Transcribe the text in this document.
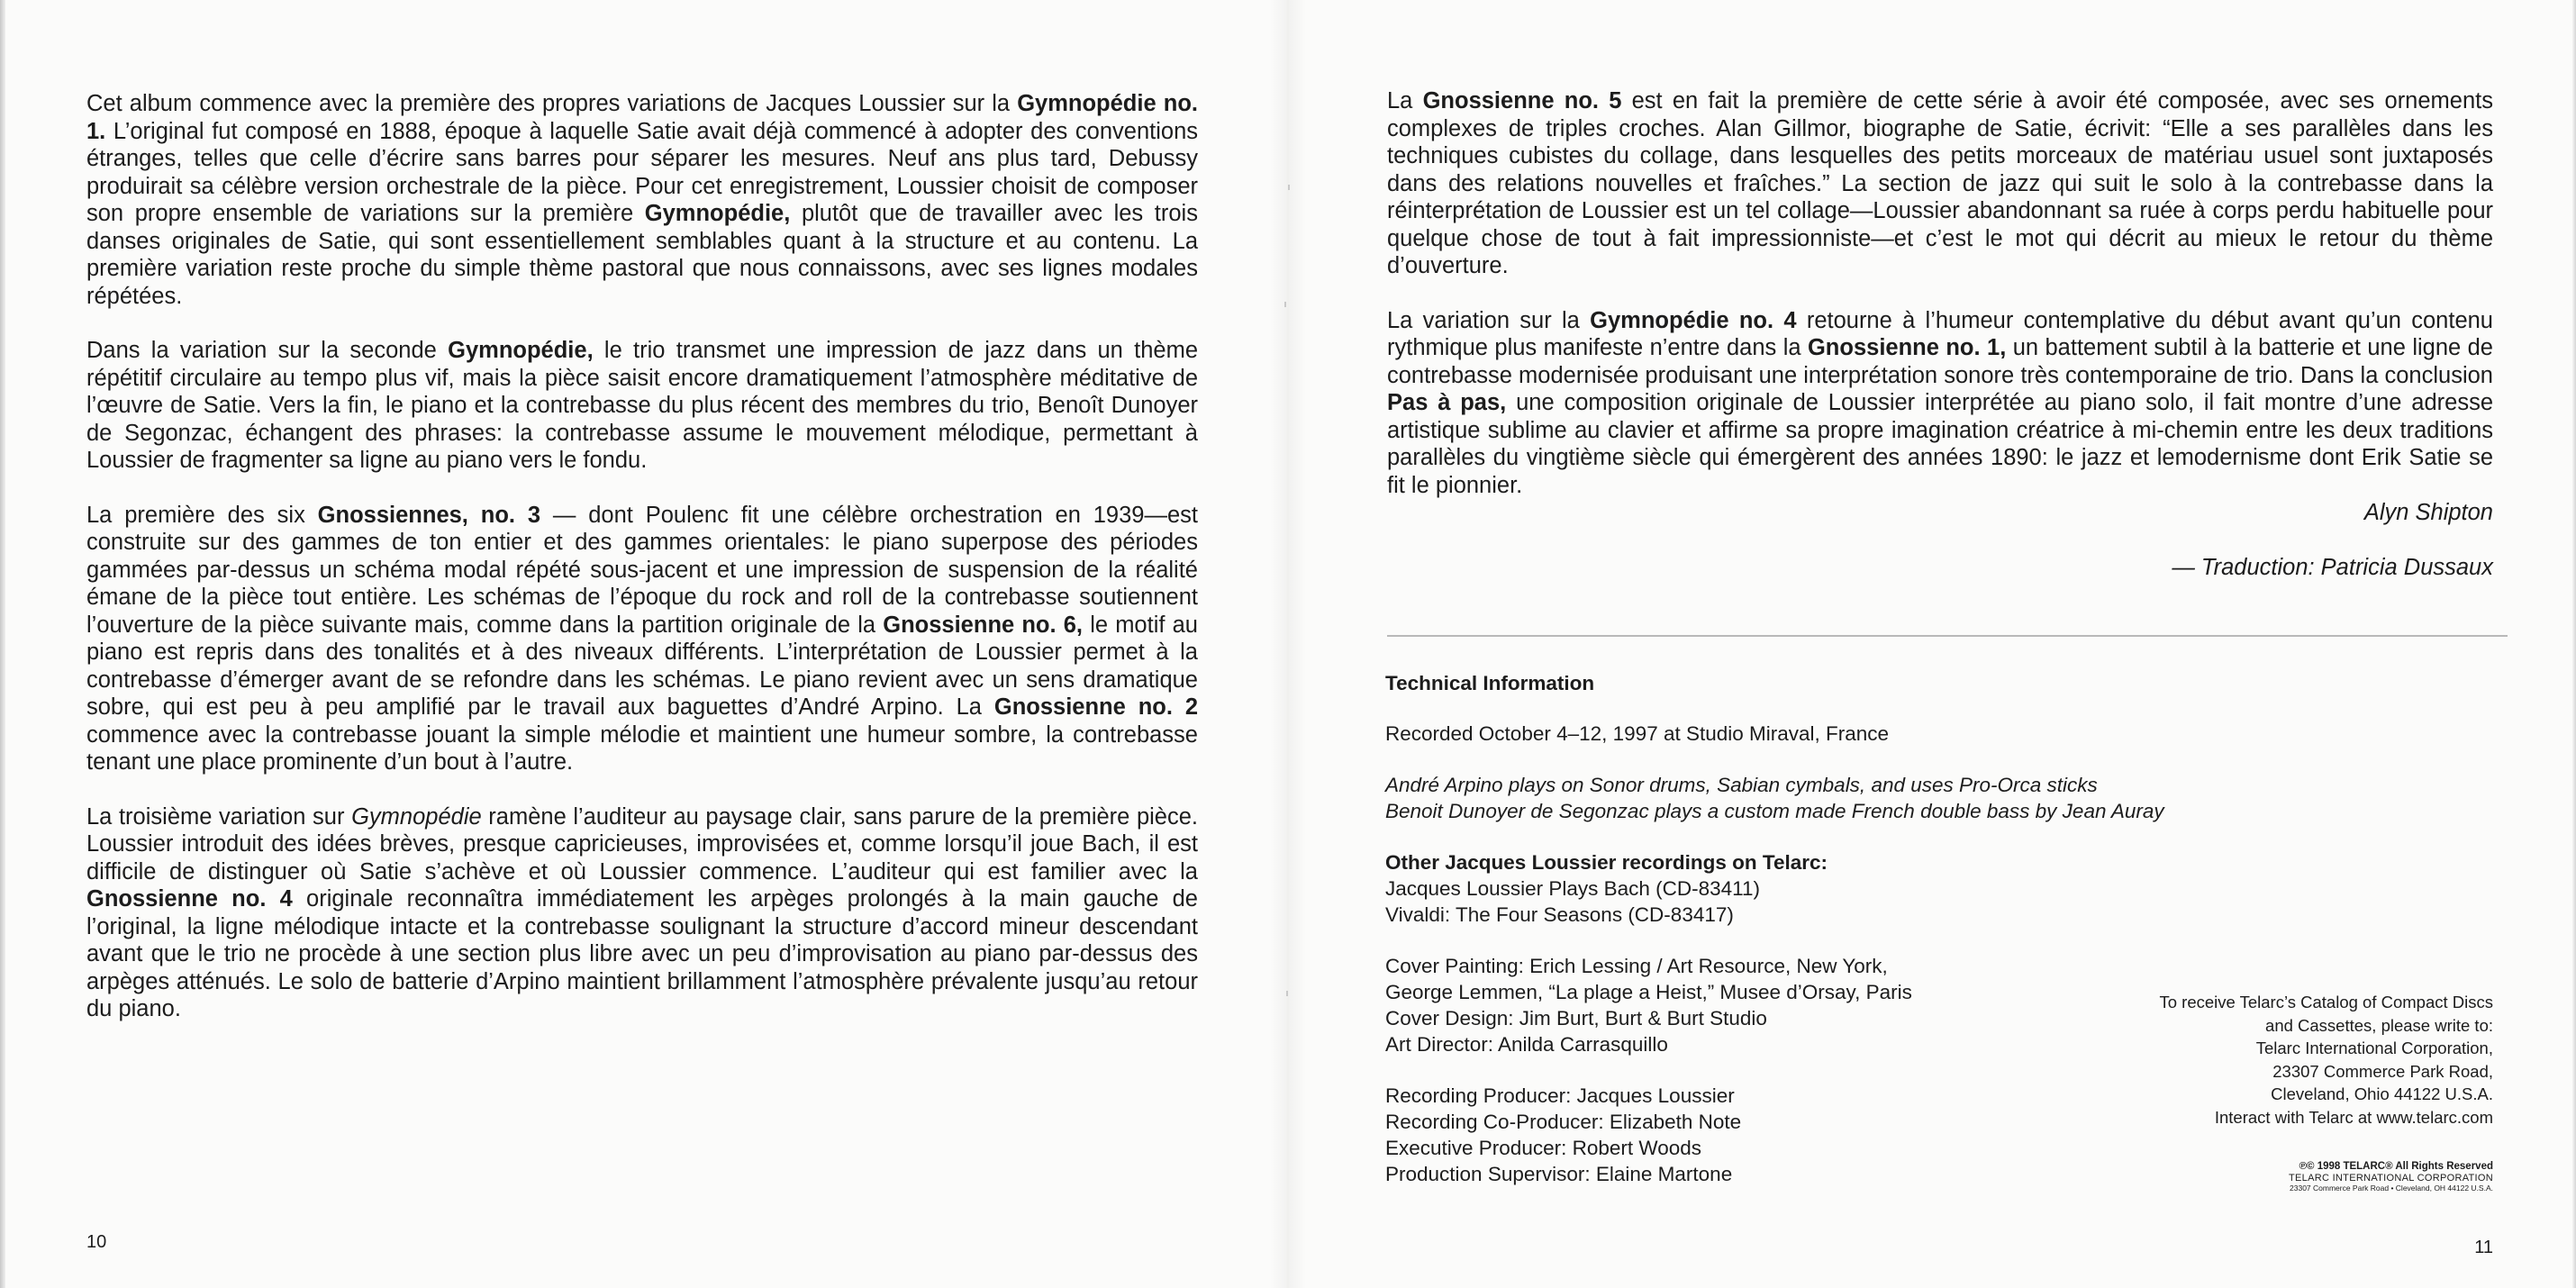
Cet album commence avec la première des propres variations de Jacques Loussier sur la Gymnopédie no. 1. L’original fut composé en 1888, époque à laquelle Satie avait déjà commencé à adopter des conventions étranges, telles que celle d’écrire sans barres pour séparer les mesures. Neuf ans plus tard, Debussy produirait sa célèbre version orchestrale de la pièce. Pour cet enregistrement, Loussier choisit de composer son propre ensemble de variations sur la première Gymnopédie, plutôt que de travailler avec les trois danses originales de Satie, qui sont essentiellement semblables quant à la structure et au contenu. La première variation reste proche du simple thème pastoral que nous connaissons, avec ses lignes modales répétées.

Dans la variation sur la seconde Gymnopédie, le trio transmet une impression de jazz dans un thème répétitif circulaire au tempo plus vif, mais la pièce saisit encore dramatiquement l’atmosphère méditative de l’œuvre de Satie. Vers la fin, le piano et la contrebasse du plus récent des membres du trio, Benoît Dunoyer de Segonzac, échangent des phrases: la contrebasse assume le mouvement mélodique, permettant à Loussier de fragmenter sa ligne au piano vers le fondu.

La première des six Gnossiennes, no. 3 — dont Poulenc fit une célèbre orchestration en 1939—est construite sur des gammes de ton entier et des gammes orientales: le piano superpose des périodes gammées par-dessus un schéma modal répété sous-jacent et une impression de suspension de la réalité émane de la pièce tout entière. Les schémas de l’époque du rock and roll de la contrebasse soutiennent l’ouverture de la pièce suivante mais, comme dans la partition originale de la Gnossienne no. 6, le motif au piano est repris dans des tonalités et à des niveaux différents. L’interprétation de Loussier permet à la contrebasse d’émerger avant de se refondre dans les schémas. Le piano revient avec un sens dramatique sobre, qui est peu à peu amplifié par le travail aux baguettes d’André Arpino. La Gnossienne no. 2 commence avec la contrebasse jouant la simple mélodie et maintient une humeur sombre, la contrebasse tenant une place prominente d’un bout à l’autre.

La troisième variation sur Gymnopédie ramène l’auditeur au paysage clair, sans parure de la première pièce. Loussier introduit des idées brèves, presque capricieuses, improvisées et, comme lorsqu’il joue Bach, il est difficile de distinguer où Satie s’achève et où Loussier commence. L’auditeur qui est familier avec la Gnossienne no. 4 originale reconnaîtra immédiatement les arpèges prolongés à la main gauche de l’original, la ligne mélodique intacte et la contrebasse soulignant la structure d’accord mineur descendant avant que le trio ne procède à une section plus libre avec un peu d’improvisation au piano par-dessus des arpèges atténués. Le solo de batterie d’Arpino maintient brillamment l’atmosphère prévalente jusqu’au retour du piano.

La Gnossienne no. 5 est en fait la première de cette série à avoir été composée, avec ses ornements complexes de triples croches. Alan Gillmor, biographe de Satie, écrivit: “Elle a ses parallèles dans les techniques cubistes du collage, dans lesquelles des petits morceaux de matériau usuel sont juxtaposés dans des relations nouvelles et fraîches.” La section de jazz qui suit le solo à la contrebasse dans la réinterprétation de Loussier est un tel collage—Loussier abandonnant sa ruée à corps perdu habituelle pour quelque chose de tout à fait impressionniste—et c’est le mot qui décrit au mieux le retour du thème d’ouverture.

La variation sur la Gymnopédie no. 4 retourne à l’humeur contemplative du début avant qu’un contenu rythmique plus manifeste n’entre dans la Gnossienne no. 1, un battement subtil à la batterie et une ligne de contrebasse modernisée produisant une interprétation sonore très contemporaine de trio. Dans la conclusion Pas à pas, une composition originale de Loussier interprétée au piano solo, il fait montre d’une adresse artistique sublime au clavier et affirme sa propre imagination créatrice à mi-chemin entre les deux traditions parallèles du vingtième siècle qui émergèrent des années 1890: le jazz et lemodernisme dont Erik Satie se fit le pionnier.

Alyn Shipton

— Traduction: Patricia Dussaux

Technical Information

Recorded October 4–12, 1997 at Studio Miraval, France

André Arpino plays on Sonor drums, Sabian cymbals, and uses Pro-Orca sticks

Benoit Dunoyer de Segonzac plays a custom made French double bass by Jean Auray

Other Jacques Loussier recordings on Telarc:

Jacques Loussier Plays Bach (CD-83411)

Vivaldi: The Four Seasons (CD-83417)

Cover Painting: Erich Lessing / Art Resource, New York,

George Lemmen, “La plage a Heist,” Musee d’Orsay, Paris

Cover Design: Jim Burt, Burt & Burt Studio

Art Director: Anilda Carrasquillo

Recording Producer: Jacques Loussier

Recording Co-Producer: Elizabeth Note

Executive Producer: Robert Woods

Production Supervisor: Elaine Martone

To receive Telarc’s Catalog of Compact Discs

and Cassettes, please write to:

Telarc International Corporation,

23307 Commerce Park Road,

Cleveland, Ohio 44122 U.S.A.

Interact with Telarc at www.telarc.com

℗© 1998 TELARC® All Rights Reserved

TELARC INTERNATIONAL CORPORATION

23307 Commerce Park Road • Cleveland, OH 44122 U.S.A.

10	11
